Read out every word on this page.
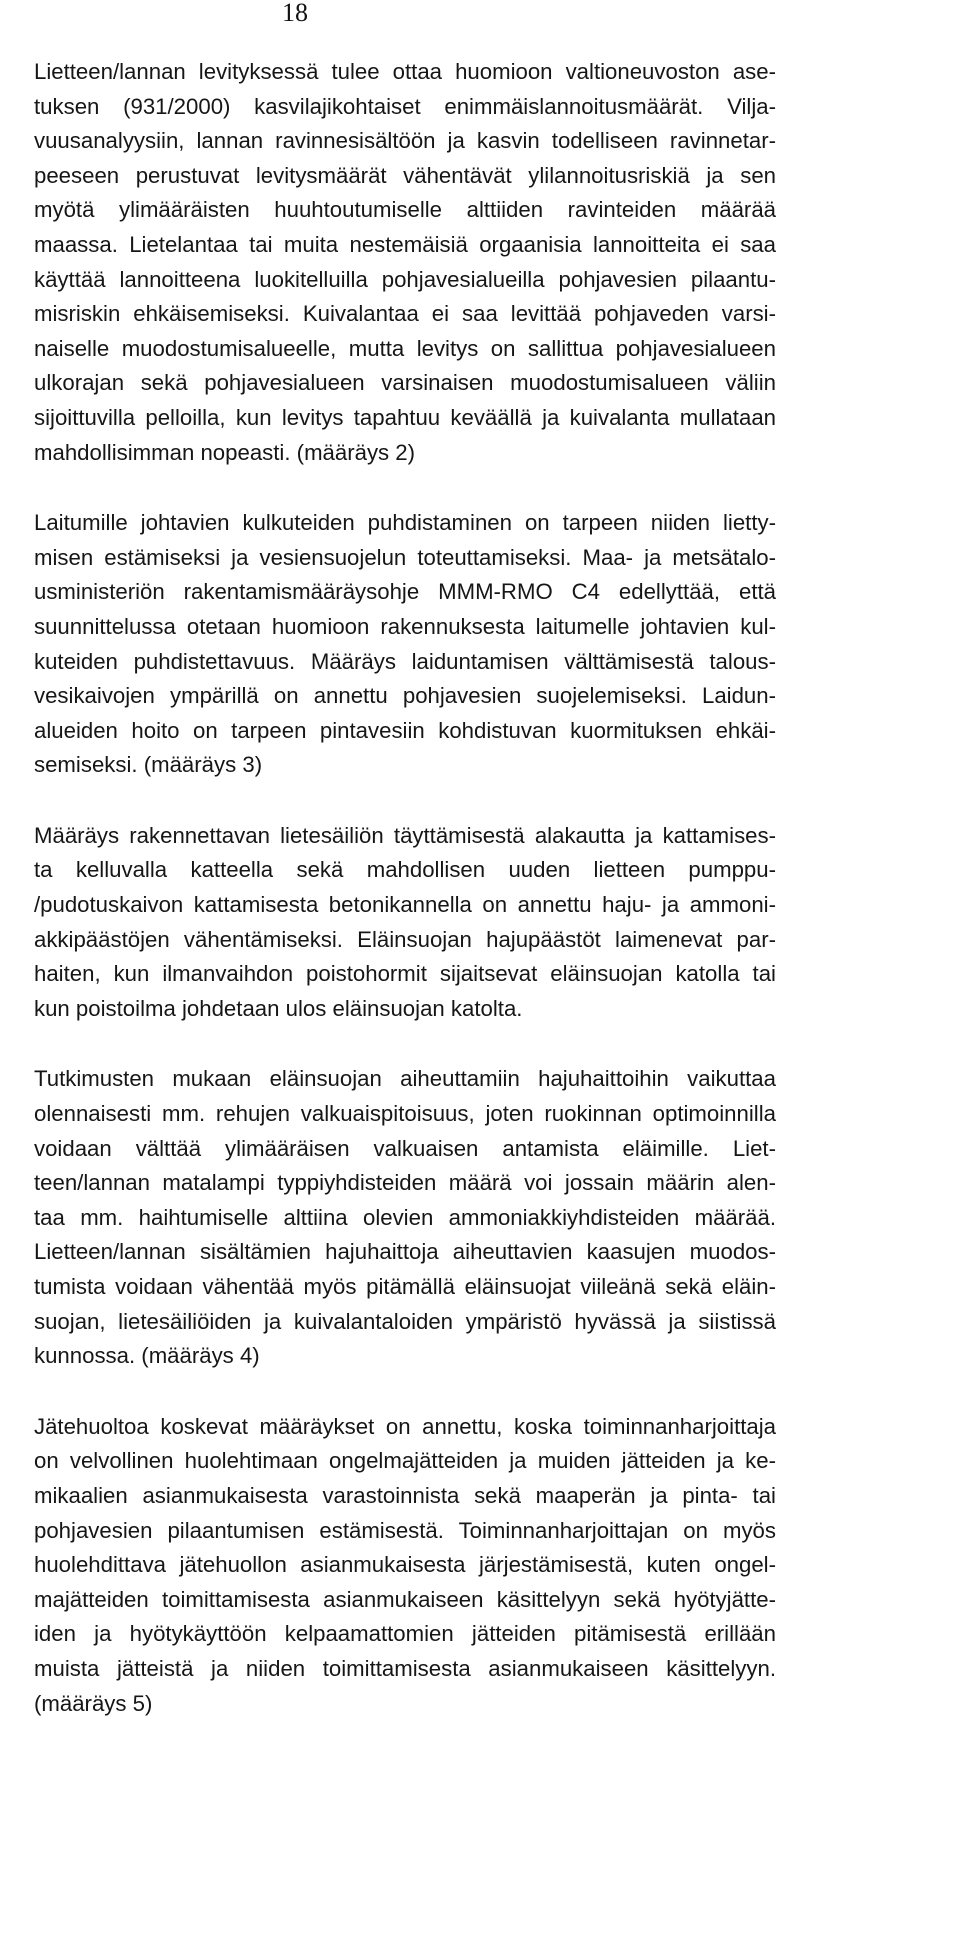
18
Lietteen/lannan levityksessä tulee ottaa huomioon valtioneuvoston ase-
tuksen (931/2000) kasvilajikohtaiset enimmäislannoitusmäärät. Vilja-
vuusanalyysiin, lannan ravinnesisältöön ja kasvin todelliseen ravinnetar-
peeseen perustuvat levitysmäärät vähentävät ylilannoitusriskiä ja sen
myötä ylimääräisten huuhtoutumiselle alttiiden ravinteiden määrää
maassa. Lietelantaa tai muita nestemäisiä orgaanisia lannoitteita ei saa
käyttää lannoitteena luokitelluilla pohjavesialueilla pohjavesien pilaantu-
misriskin ehkäisemiseksi. Kuivalantaa ei saa levittää pohjaveden varsi-
naiselle muodostumisalueelle, mutta levitys on sallittua pohjavesialueen
ulkorajan sekä pohjavesialueen varsinaisen muodostumisalueen väliin
sijoittuvilla pelloilla, kun levitys tapahtuu keväällä ja kuivalanta mullataan
mahdollisimman nopeasti. (määräys 2)
Laitumille johtavien kulkuteiden puhdistaminen on tarpeen niiden lietty-
misen estämiseksi ja vesiensuojelun toteuttamiseksi. Maa- ja metsätalo-
usministeriön rakentamismääräysohje MMM-RMO C4 edellyttää, että
suunnittelussa otetaan huomioon rakennuksesta laitumelle johtavien kul-
kuteiden puhdistettavuus. Määräys laiduntamisen välttämisestä talous-
vesikaivojen ympärillä on annettu pohjavesien suojelemiseksi. Laidun-
alueiden hoito on tarpeen pintavesiin kohdistuvan kuormituksen ehkäi-
semiseksi. (määräys 3)
Määräys rakennettavan lietesäiliön täyttämisestä alakautta ja kattamises-
ta kelluvalla katteella sekä mahdollisen uuden lietteen pumppu-
/pudotuskaivon kattamisesta betonikannella on annettu haju- ja ammoni-
akkipäästöjen vähentämiseksi. Eläinsuojan hajupäästöt laimenevat par-
haiten, kun ilmanvaihdon poistohormit sijaitsevat eläinsuojan katolla tai
kun poistoilma johdetaan ulos eläinsuojan katolta.
Tutkimusten mukaan eläinsuojan aiheuttamiin hajuhaittoihin vaikuttaa
olennaisesti mm. rehujen valkuaispitoisuus, joten ruokinnan optimoinnilla
voidaan välttää ylimääräisen valkuaisen antamista eläimille. Liet-
teen/lannan matalampi typpiyhdisteiden määrä voi jossain määrin alen-
taa mm. haihtumiselle alttiina olevien ammoniakkiyhdisteiden määrää.
Lietteen/lannan sisältämien hajuhaittoja aiheuttavien kaasujen muodos-
tumista voidaan vähentää myös pitämällä eläinsuojat viileänä sekä eläin-
suojan, lietesäiliöiden ja kuivalantaloiden ympäristö hyvässä ja siistissä
kunnossa. (määräys 4)
Jätehuoltoa koskevat määräykset on annettu, koska toiminnanharjoittaja
on velvollinen huolehtimaan ongelmajätteiden ja muiden jätteiden ja ke-
mikaalien asianmukaisesta varastoinnista sekä maaperän ja pinta- tai
pohjavesien pilaantumisen estämisestä. Toiminnanharjoittajan on myös
huolehdittava jätehuollon asianmukaisesta järjestämisestä, kuten ongel-
majätteiden toimittamisesta asianmukaiseen käsittelyyn sekä hyötyjätte-
iden ja hyötykäyttöön kelpaamattomien jätteiden pitämisestä erillään
muista jätteistä ja niiden toimittamisesta asianmukaiseen käsittelyyn.
(määräys 5)
